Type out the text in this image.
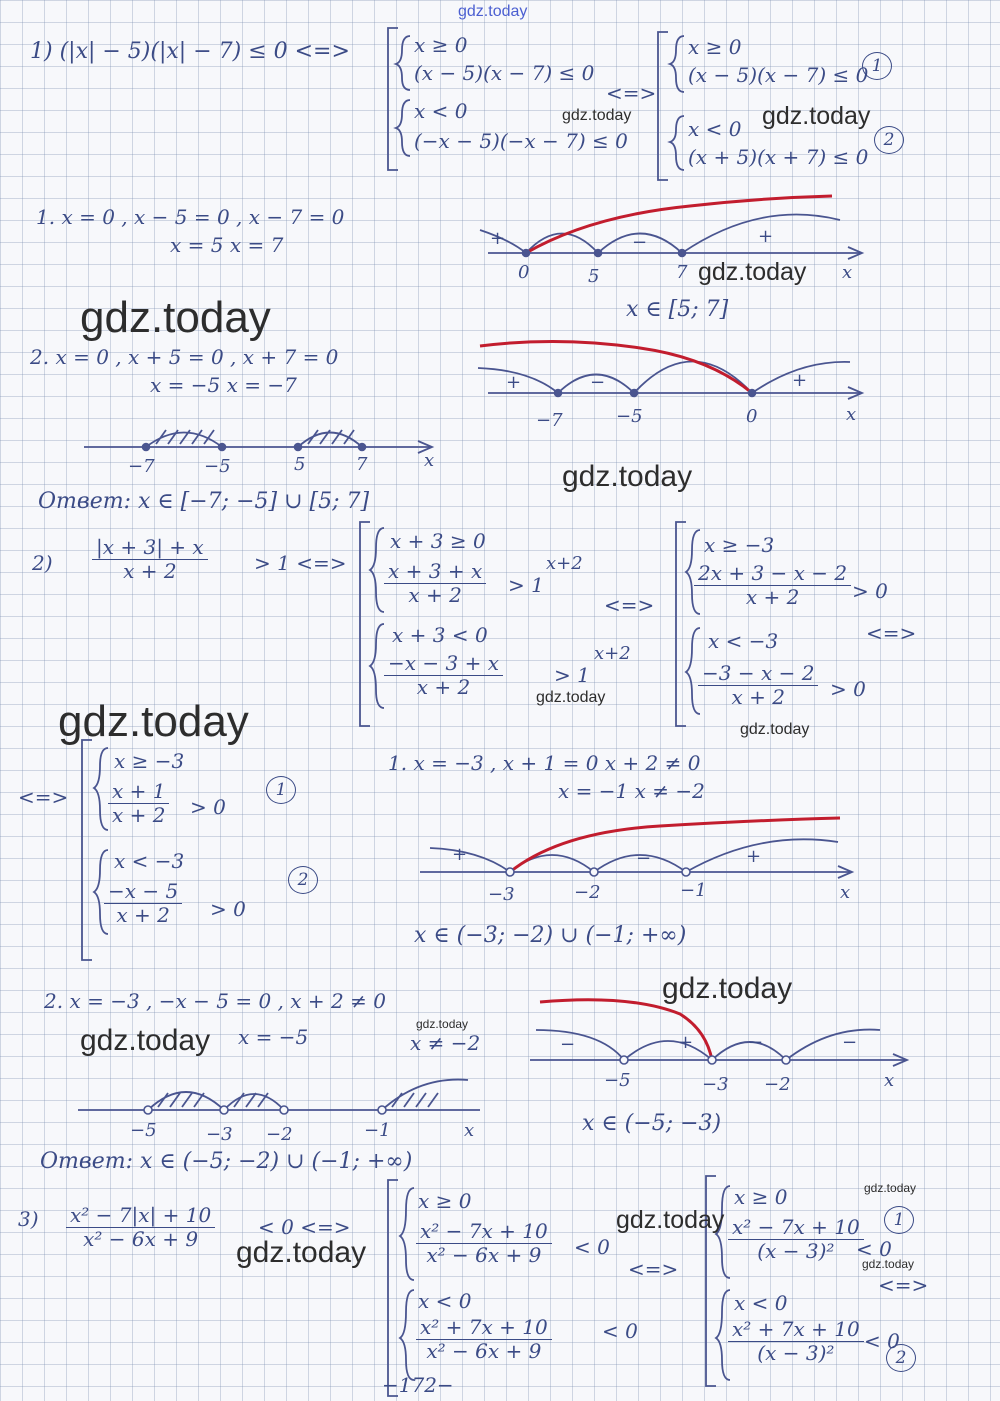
gdz.today
gdz.today
gdz.today
gdz.today
gdz.today
gdz.today
gdz.today
gdz.today
gdz.today
gdz.today
gdz.today
gdz.today
gdz.today
gdz.today
gdz.today
gdz.today
1) (|x| − 5)(|x| − 7) ≤ 0 <=>	x ≥ 0
(x − 5)(x − 7) ≤ 0
x < 0
(−x − 5)(−x − 7) ≤ 0
<=>
x ≥ 0
(x − 5)(x − 7) ≤ 0
x < 0
(x + 5)(x + 7) ≤ 0
1
2
1. x = 0 , x − 5 = 0 , x − 7 = 0
x = 5 x = 7
0	5	7	x
+	−	+
x ∈ [5; 7]
2. x = 0 , x + 5 = 0 , x + 7 = 0
x = −5 x = −7
−7	−5	0	x
+	−	+
−7	−5	5	7	x
Ответ: x ∈ [−7; −5] ∪ [5; 7]
$2) \frac{|x + 3| + x}{x + 2} > 1$ <=>
x + 3 ≥ 0
$\frac{x + 3 + x}{x + 2} > 1$
x+2
x + 3 < 0
$\frac{-x - 3 + x}{x + 2}$	> 1
x+2
<=>
x ≥ −3
$\frac{2x + 3 - x - 2}{x + 2} > 0$
x < −3
$\frac{-3 - x - 2}{x + 2} > 0$
<=>
<=>
x ≥ −3
$\frac{x + 1}{x + 2} > 0$
x < −3
$\frac{-x - 5}{x + 2} > 0$
1
2
1. x = −3 , x + 1 = 0 x + 2 ≠ 0
x = −1 x ≠ −2
−3	−2	−1	x
+	−	+
x ∈ (−3; −2) ∪ (−1; +∞)
2. x = −3 , −x − 5 = 0 , x + 2 ≠ 0
x = −5	x ≠ −2
−5	−3 −2	x
−	+	−	−
x ∈ (−5; −3)
−5	−3 −2	−1	x
Ответ: x ∈ (−5; −2) ∪ (−1; +∞)
$3) \frac{\text{x² − 7|x| + 10}}{\text{x² − 6x + 9}} < 0$ <=>
x ≥ 0
$\frac{\text{x² − 7x + 10}}{\text{x² − 6x + 9}} < 0$
x < 0
$\frac{\text{x² + 7x + 10}}{\text{x² − 6x + 9}}$	< 0
<=>
x ≥ 0
$\frac{\text{x² − 7x + 10}}{\text{(x − 3)²}}$
< 0
x < 0
$\frac{\text{x² + 7x + 10}}{\text{(x − 3)²}} < 0$
1
2
<=>
−172−
